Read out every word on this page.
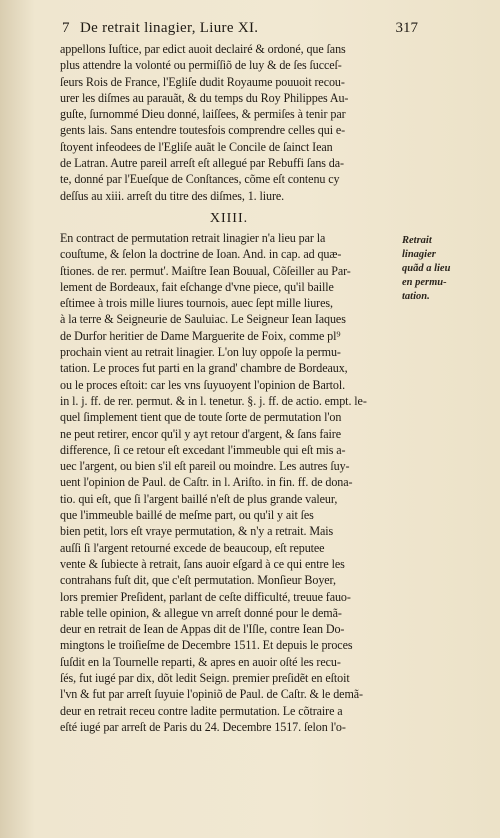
7 De retrait linagier, Liure XI.	317
appellons Iuſtice, par edict auoit declairé & ordoné, que ſans
plus attendre la volonté ou permiſſiõ de luy & de ſes ſucceſ-
ſeurs Rois de France, l'Egliſe dudit Royaume pouuoit recou-
urer les diſmes au parauãt, & du temps du Roy Philippes Au-
guſte, ſurnommé Dieu donné, laiſſees, & permiſes à tenir par
gents lais. Sans entendre toutesfois comprendre celles qui e-
ſtoyent infeodees de l'Egliſe auãt le Concile de ſainct Iean
de Latran. Autre pareil arreſt eſt allegué par Rebuffi ſans da-
te, donné par l'Eueſque de Conſtances, cõme eſt contenu cy
deſſus au xiii. arreſt du titre des diſmes, 1. liure.
XIIII.
En contract de permutation retrait linagier n'a lieu par la
couſtume, & ſelon la doctrine de Ioan. And. in cap. ad quæ-
ſtiones. de rer. permut'. Maiſtre Iean Bouual, Cõſeiller au Par-
lement de Bordeaux, fait eſchange d'vne piece, qu'il baille
eſtimee à trois mille liures tournois, auec ſept mille liures,
à la terre & Seigneurie de Sauluiac. Le Seigneur Iean Iaques
de Durfor heritier de Dame Marguerite de Foix, comme pl⁹
prochain vient au retrait linagier. L'on luy oppoſe la permu-
tation. Le proces fut parti en la grand' chambre de Bordeaux,
ou le proces eſtoit: car les vns ſuyuoyent l'opinion de Bartol.
in l. j. ff. de rer. permut. & in l. tenetur. §. j. ff. de actio. empt. le-
quel ſimplement tient que de toute ſorte de permutation l'on
ne peut retirer, encor qu'il y ayt retour d'argent, & ſans faire
difference, ſi ce retour eſt excedant l'immeuble qui eſt mis a-
uec l'argent, ou bien s'il eſt pareil ou moindre. Les autres ſuy-
uent l'opinion de Paul. de Caſtr. in l. Ariſto. in fin. ff. de dona-
tio. qui eſt, que ſi l'argent baillé n'eſt de plus grande valeur,
que l'immeuble baillé de meſme part, ou qu'il y ait ſes
bien petit, lors eſt vraye permutation, & n'y a retrait. Mais
auſſi ſi l'argent retourné excede de beaucoup, eſt reputee
vente & ſubiecte à retrait, ſans auoir eſgard à ce qui entre les
contrahans fuſt dit, que c'eſt permutation. Monſieur Boyer,
lors premier Preſident, parlant de ceſte difficulté, treuue fauo-
rable telle opinion, & allegue vn arreſt donné pour le demã-
deur en retrait de Iean de Appas dit de l'Iſle, contre Iean Do-
mingtons le troiſieſme de Decembre 1511. Et depuis le proces
ſuſdit en la Tournelle reparti, & apres en auoir oſté les recu-
ſés, fut iugé par dix, dõt ledit Seign. premier preſidẽt en eſtoit
l'vn & fut par arreſt ſuyuie l'opiniõ de Paul. de Caſtr. & le demã-
deur en retrait receu contre ladite permutation. Le cõtraire a
eſté iugé par arreſt de Paris du 24. Decembre 1517. ſelon l'o-
Retrait
linagier
quãd a lieu
en permu-
tation.
